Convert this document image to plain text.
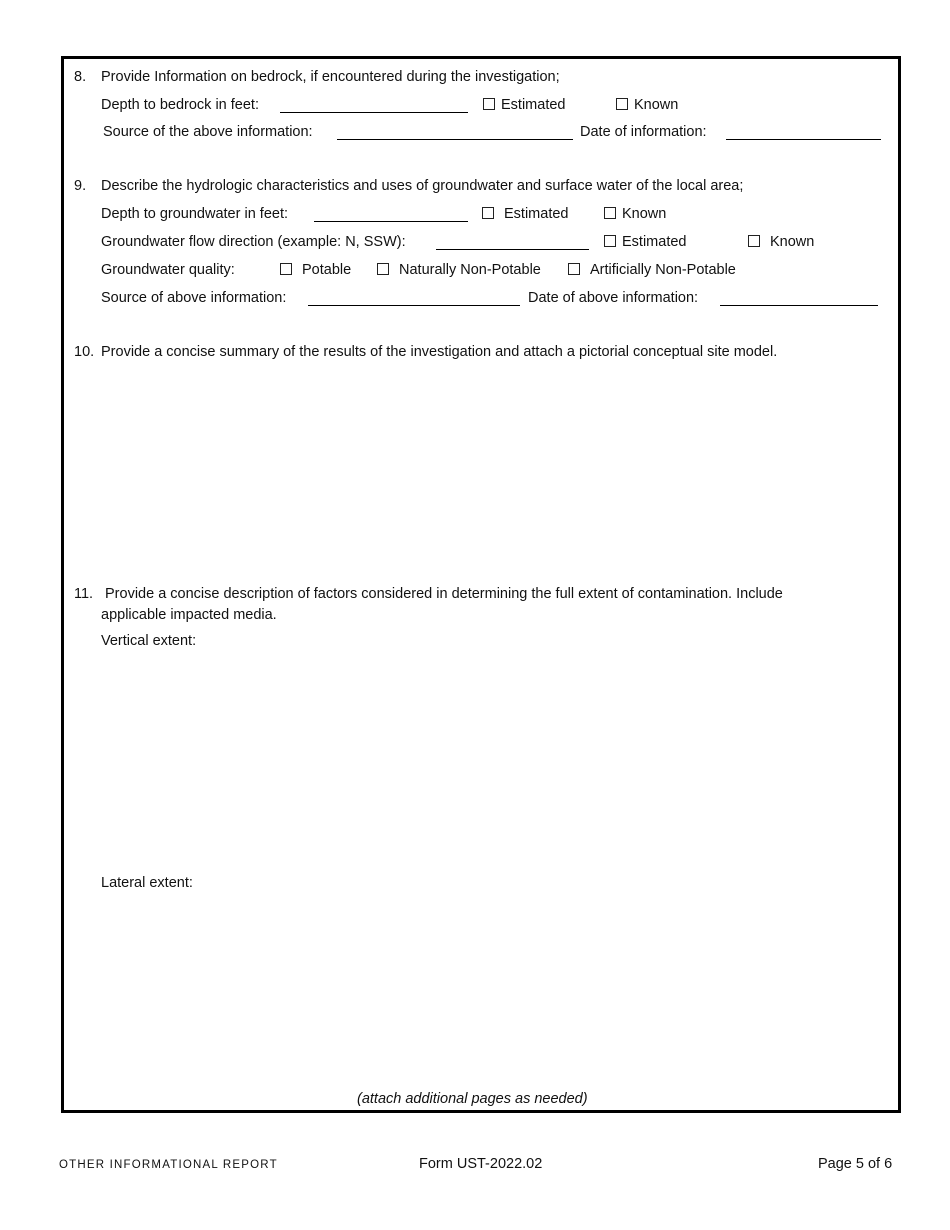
8. Provide Information on bedrock, if encountered during the investigation;
Depth to bedrock in feet:	Estimated	Known
Source of the above information:	Date of information:
9. Describe the hydrologic characteristics and uses of groundwater and surface water of the local area;
Depth to groundwater in feet:	Estimated	Known
Groundwater flow direction (example: N, SSW):	Estimated	Known
Groundwater quality:	Potable	Naturally Non-Potable	Artificially Non-Potable
Source of above information:	Date of above information:
10. Provide a concise summary of the results of the investigation and attach a pictorial conceptual site model.
11. Provide a concise description of factors considered in determining the full extent of contamination. Include
applicable impacted media.
Vertical extent:
Lateral extent:
(attach additional pages as needed)
OTHER INFORMATIONAL REPORT	Form UST-2022.02	Page 5 of 6
